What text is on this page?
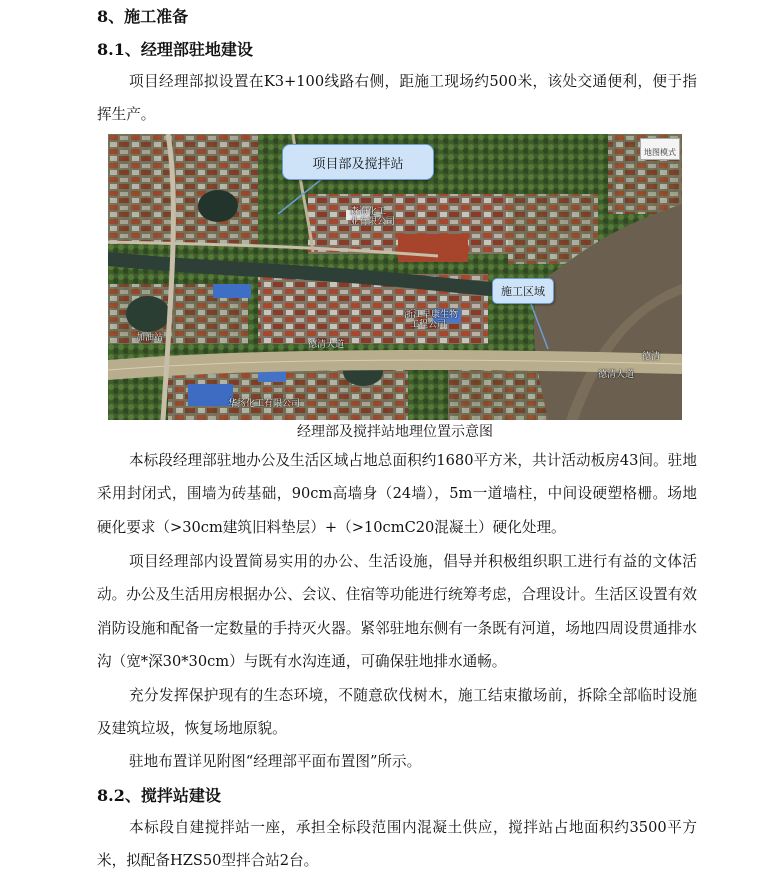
8、施工准备
8.1、经理部驻地建设

项目经理部拟设置在K3+100线路右侧，距施工现场约500米，该处交通便利，便于指挥生产。

项目部及搅拌站
施工区域
地图模式
森海化工
业有限公司
浙江早康生物
工程公司
德清大道
德清大道
德清
华扬化工有限公司
加油站

经理部及搅拌站地理位置示意图

本标段经理部驻地办公及生活区域占地总面积约1680平方米，共计活动板房43间。驻地采用封闭式，围墙为砖基础，90cm高墙身（24墙），5m一道墙柱，中间设硬塑格栅。场地硬化要求（>30cm建筑旧料垫层）+（>10cmC20混凝土）硬化处理。

项目经理部内设置简易实用的办公、生活设施，倡导并积极组织职工进行有益的文体活动。办公及生活用房根据办公、会议、住宿等功能进行统筹考虑，合理设计。生活区设置有效消防设施和配备一定数量的手持灭火器。紧邻驻地东侧有一条既有河道，场地四周设贯通排水沟（宽*深30*30cm）与既有水沟连通，可确保驻地排水通畅。

充分发挥保护现有的生态环境，不随意砍伐树木，施工结束撤场前，拆除全部临时设施及建筑垃圾，恢复场地原貌。

驻地布置详见附图“经理部平面布置图”所示。

8.2、搅拌站建设

本标段自建搅拌站一座，承担全标段范围内混凝土供应，搅拌站占地面积约3500平方米，拟配备HZS50型拌合站2台。
